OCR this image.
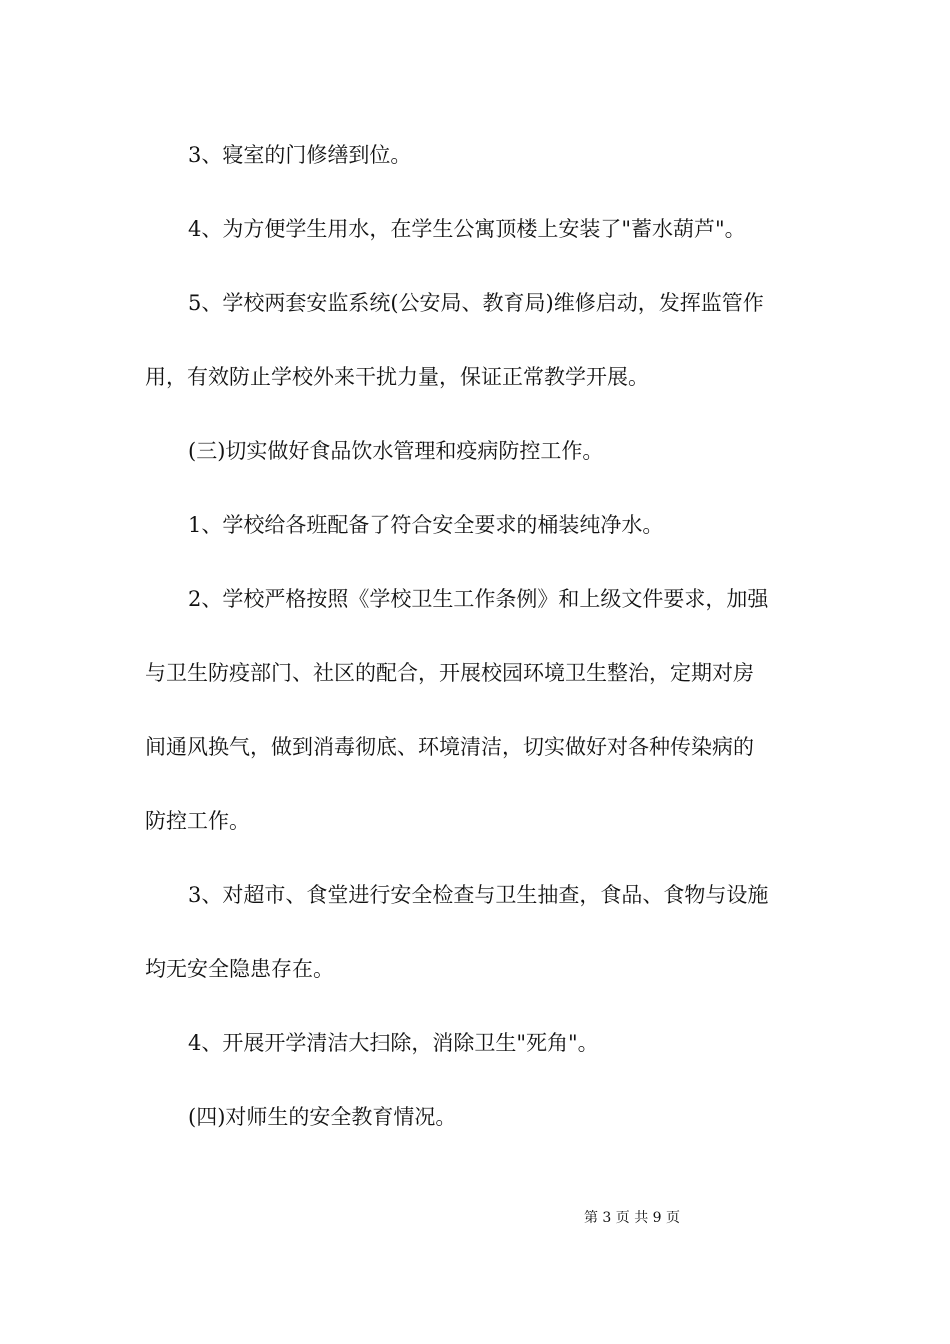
3、寝室的门修缮到位。
4、为方便学生用水，在学生公寓顶楼上安装了"蓄水葫芦"。
5、学校两套安监系统(公安局、教育局)维修启动，发挥监管作
用，有效防止学校外来干扰力量，保证正常教学开展。
(三)切实做好食品饮水管理和疫病防控工作。
1、学校给各班配备了符合安全要求的桶装纯净水。
2、学校严格按照《学校卫生工作条例》和上级文件要求，加强
与卫生防疫部门、社区的配合，开展校园环境卫生整治，定期对房
间通风换气，做到消毒彻底、环境清洁，切实做好对各种传染病的
防控工作。
3、对超市、食堂进行安全检查与卫生抽查，食品、食物与设施
均无安全隐患存在。
4、开展开学清洁大扫除，消除卫生"死角"。
(四)对师生的安全教育情况。
第 3 页 共 9 页
